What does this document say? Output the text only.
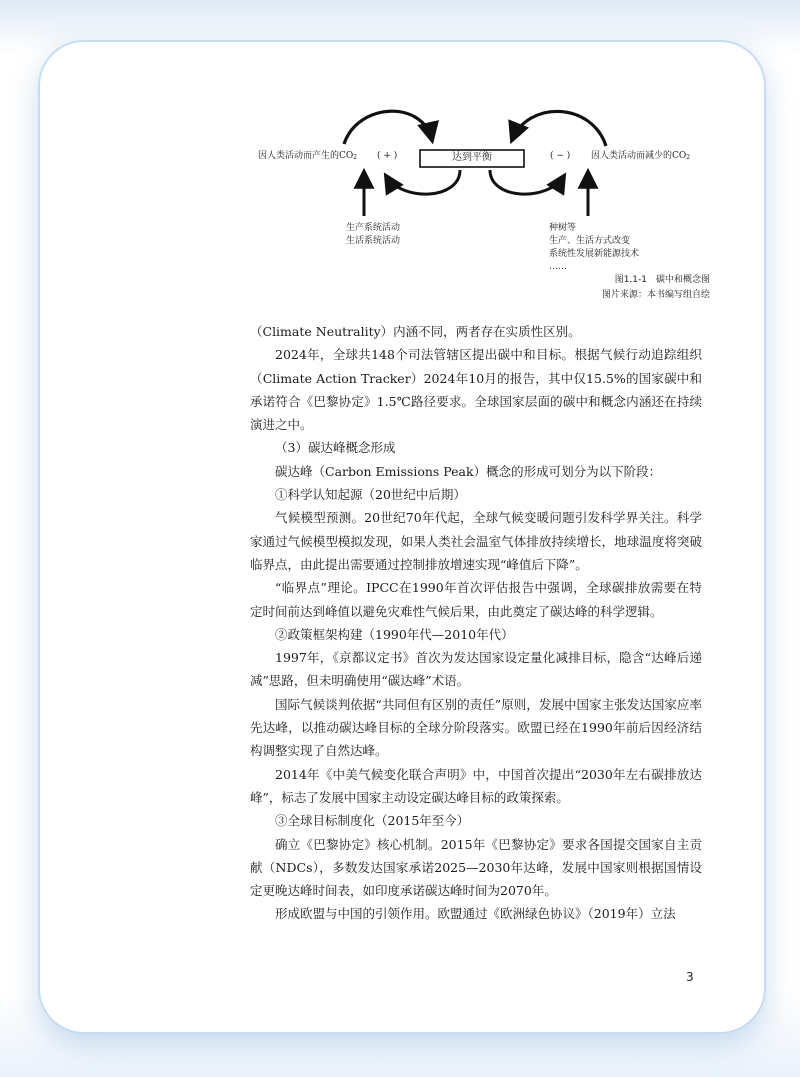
因人类活动而产生的CO2 ( + )	达到平衡	( − ) 因人类活动而减少的CO2
生产系统活动
生活系统活动
种树等
生产、生活方式改变
系统性发展新能源技术
……
图1.1-1　碳中和概念图
图片来源：本书编写组自绘

（Climate Neutrality）内涵不同，两者存在实质性区别。

2024年，全球共148个司法管辖区提出碳中和目标。根据气候行动追踪组织（Climate Action Tracker）2024年10月的报告，其中仅15.5%的国家碳中和承诺符合《巴黎协定》1.5℃路径要求。全球国家层面的碳中和概念内涵还在持续演进之中。

（3）碳达峰概念形成

碳达峰（Carbon Emissions Peak）概念的形成可划分为以下阶段：

①科学认知起源（20世纪中后期）

气候模型预测。20世纪70年代起，全球气候变暖问题引发科学界关注。科学家通过气候模型模拟发现，如果人类社会温室气体排放持续增长，地球温度将突破临界点，由此提出需要通过控制排放增速实现“峰值后下降”。

“临界点”理论。IPCC在1990年首次评估报告中强调，全球碳排放需要在特定时间前达到峰值以避免灾难性气候后果，由此奠定了碳达峰的科学逻辑。

②政策框架构建（1990年代—2010年代）

1997年，《京都议定书》首次为发达国家设定量化减排目标，隐含“达峰后递减”思路，但未明确使用“碳达峰”术语。

国际气候谈判依据“共同但有区别的责任”原则，发展中国家主张发达国家应率先达峰，以推动碳达峰目标的全球分阶段落实。欧盟已经在1990年前后因经济结构调整实现了自然达峰。

2014年《中美气候变化联合声明》中，中国首次提出“2030年左右碳排放达峰”，标志了发展中国家主动设定碳达峰目标的政策探索。

③全球目标制度化（2015年至今）

确立《巴黎协定》核心机制。2015年《巴黎协定》要求各国提交国家自主贡献（NDCs），多数发达国家承诺2025—2030年达峰，发展中国家则根据国情设定更晚达峰时间表，如印度承诺碳达峰时间为2070年。

形成欧盟与中国的引领作用。欧盟通过《欧洲绿色协议》（2019年）立法

3
